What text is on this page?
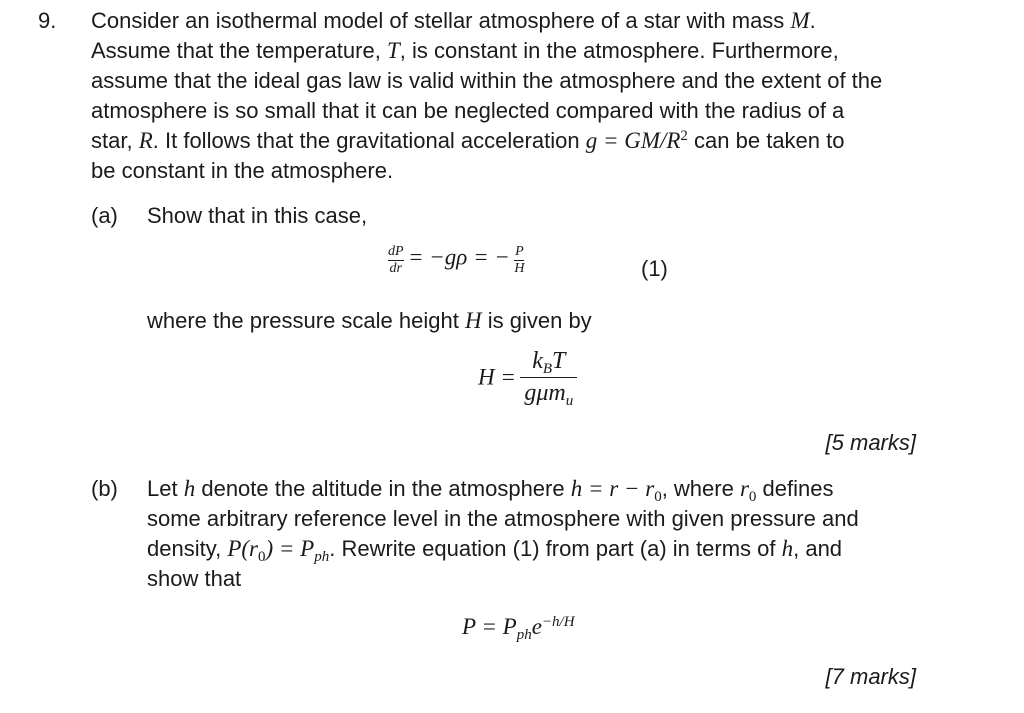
9. Consider an isothermal model of stellar atmosphere of a star with mass M.
Assume that the temperature, T, is constant in the atmosphere. Furthermore,
assume that the ideal gas law is valid within the atmosphere and the extent of the
atmosphere is so small that it can be neglected compared with the radius of a
star, R. It follows that the gravitational acceleration $g = GM/R^2$ can be taken to
be constant in the atmosphere.
(a) Show that in this case,
$\frac{dP}{dr} = -g\rho$ = − $\frac{P}{H}$	(1)
where the pressure scale height H is given by
$H = \frac{k_BT}{g\mu m_u}$
[5 marks]
(b) Let h denote the altitude in the atmosphere $h = r - r_0$, where $r_0$ defines
some arbitrary reference level in the atmosphere with given pressure and
density, $P(r_0) = P_{ph}$. Rewrite equation (1) from part (a) in terms of h, and
show that
$P = P_{ph}e^{-h/H}$
[7 marks]
